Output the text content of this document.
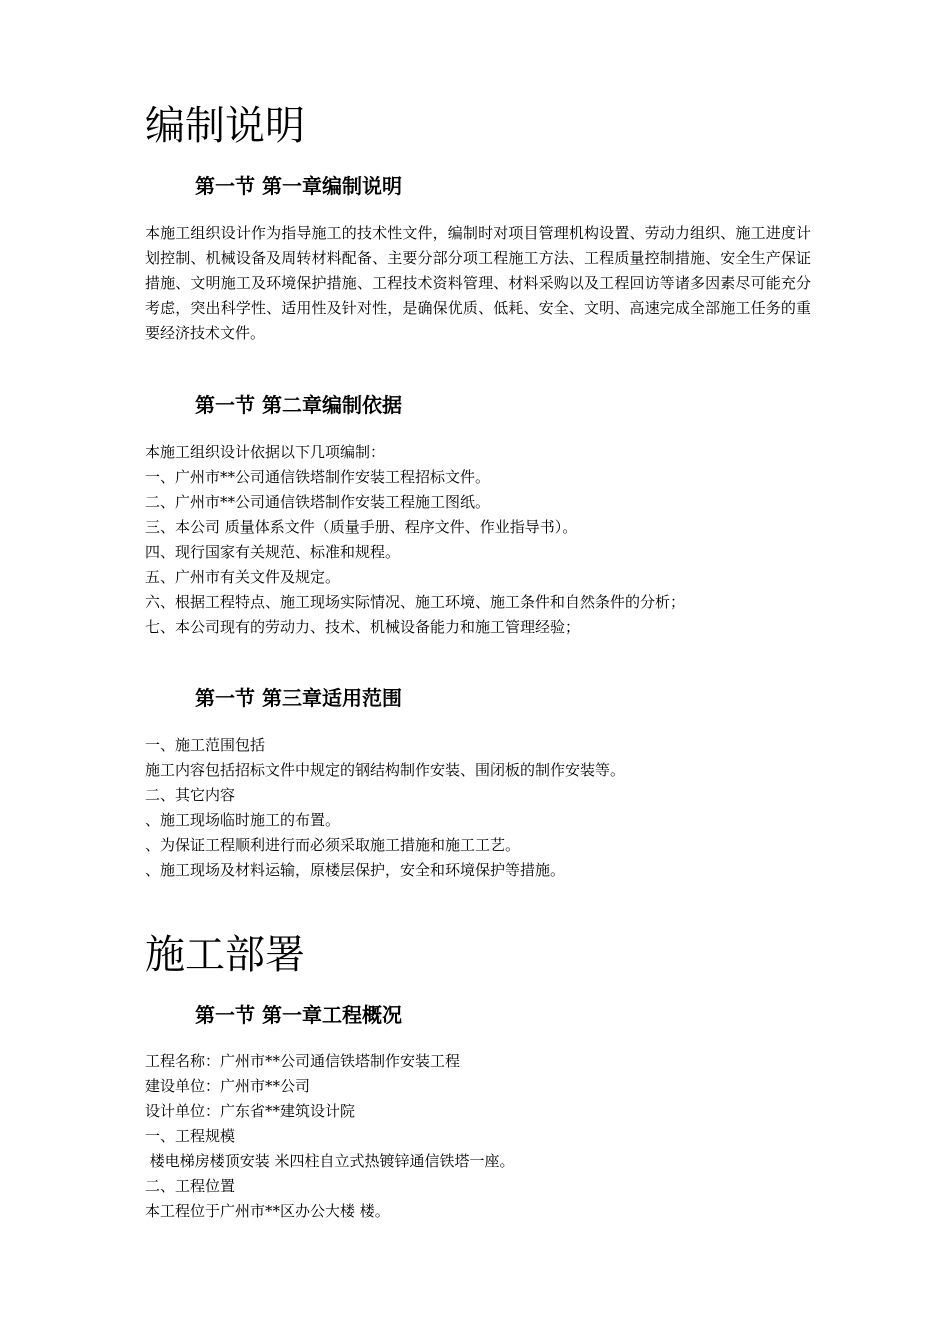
编制说明
第一节 第一章编制说明

本施工组织设计作为指导施工的技术性文件，编制时对项目管理机构设置、劳动力组织、施工进度计划控制、机械设备及周转材料配备、主要分部分项工程施工方法、工程质量控制措施、安全生产保证措施、文明施工及环境保护措施、工程技术资料管理、材料采购以及工程回访等诸多因素尽可能充分考虑，突出科学性、适用性及针对性，是确保优质、低耗、安全、文明、高速完成全部施工任务的重要经济技术文件。

第一节 第二章编制依据
本施工组织设计依据以下几项编制：
一、广州市**公司通信铁塔制作安装工程招标文件。
二、广州市**公司通信铁塔制作安装工程施工图纸。
三、本公司 质量体系文件（质量手册、程序文件、作业指导书）。
四、现行国家有关规范、标准和规程。
五、广州市有关文件及规定。
六、根据工程特点、施工现场实际情况、施工环境、施工条件和自然条件的分析；
七、本公司现有的劳动力、技术、机械设备能力和施工管理经验；
第一节 第三章适用范围
一、施工范围包括
施工内容包括招标文件中规定的钢结构制作安装、围闭板的制作安装等。
二、其它内容
、施工现场临时施工的布置。
、为保证工程顺利进行而必须采取施工措施和施工工艺。
、施工现场及材料运输，原楼层保护，安全和环境保护等措施。
施工部署
第一节 第一章工程概况
工程名称：广州市**公司通信铁塔制作安装工程
建设单位：广州市**公司
设计单位：广东省**建筑设计院
一、工程规模
楼电梯房楼顶安装 米四柱自立式热镀锌通信铁塔一座。
二、工程位置
本工程位于广州市**区办公大楼 楼。
